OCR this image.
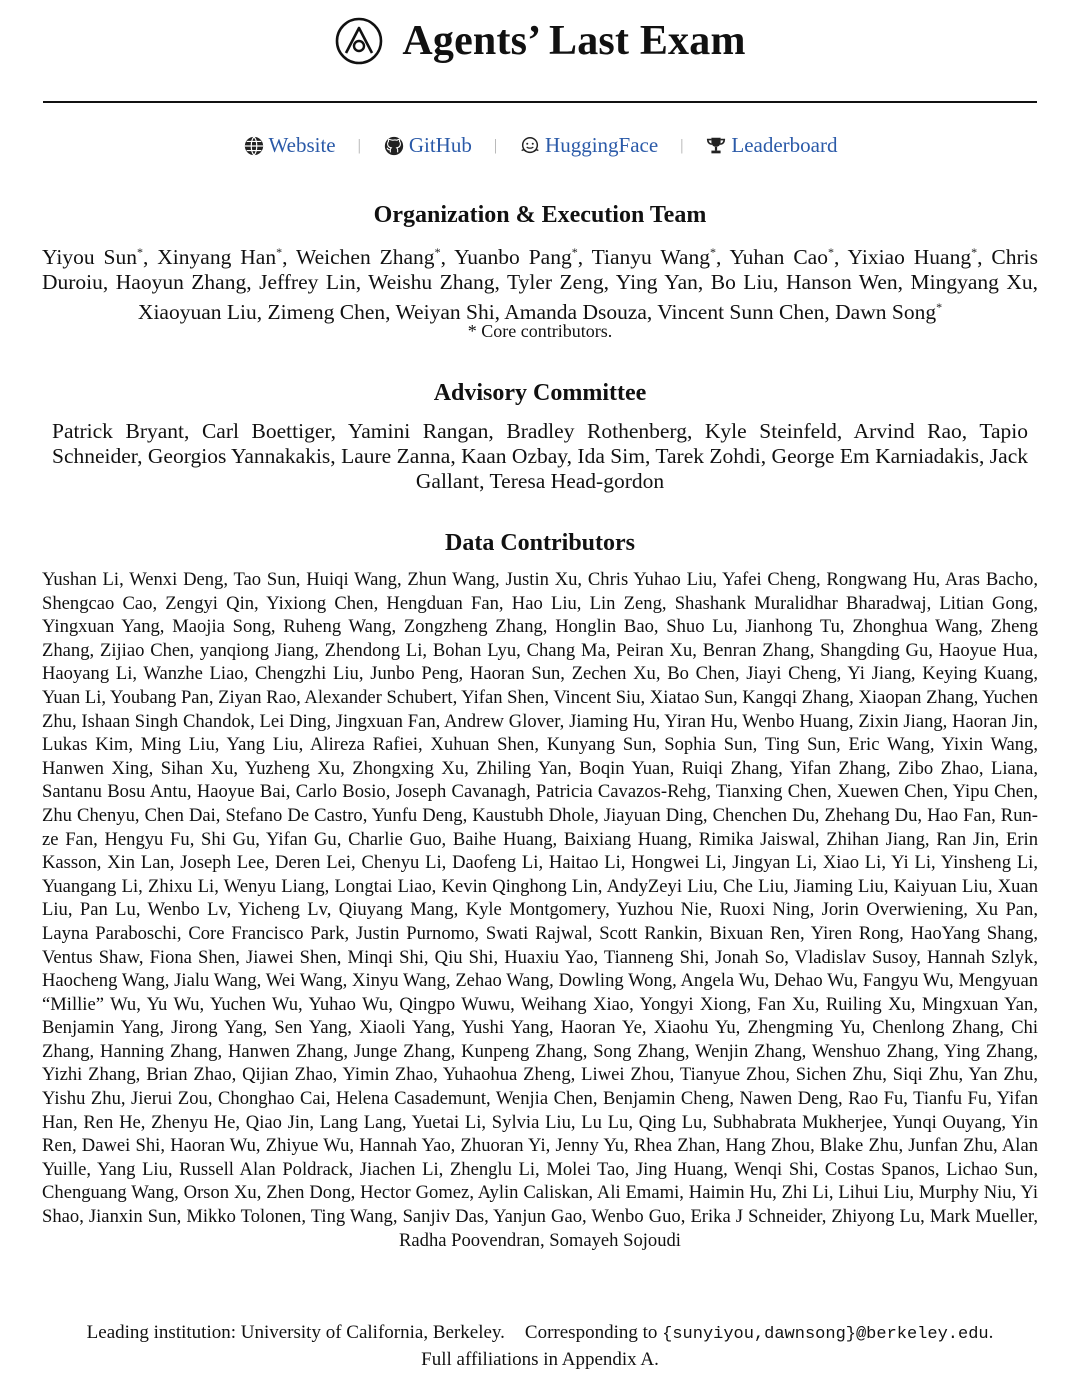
Agents’ Last Exam
Website | GitHub | HuggingFace | Leaderboard
Organization & Execution Team
Yiyou Sun*, Xinyang Han*, Weichen Zhang*, Yuanbo Pang*, Tianyu Wang*, Yuhan Cao*, Yixiao Huang*, Chris Duroiu, Haoyun Zhang, Jeffrey Lin, Weishu Zhang, Tyler Zeng, Ying Yan, Bo Liu, Hanson Wen, Mingyang Xu, Xiaoyuan Liu, Zimeng Chen, Weiyan Shi, Amanda Dsouza, Vincent Sunn Chen, Dawn Song*
* Core contributors.
Advisory Committee
Patrick Bryant, Carl Boettiger, Yamini Rangan, Bradley Rothenberg, Kyle Steinfeld, Arvind Rao, Tapio Schneider, Georgios Yannakakis, Laure Zanna, Kaan Ozbay, Ida Sim, Tarek Zohdi, George Em Karniadakis, Jack Gallant, Teresa Head-gordon
Data Contributors
Yushan Li, Wenxi Deng, Tao Sun, Huiqi Wang, Zhun Wang, Justin Xu, Chris Yuhao Liu, Yafei Cheng, Rongwang Hu, Aras Bacho, Shengcao Cao, Zengyi Qin, Yixiong Chen, Hengduan Fan, Hao Liu, Lin Zeng, Shashank Muralidhar Bharadwaj, Litian Gong, Yingxuan Yang, Maojia Song, Ruheng Wang, Zongzheng Zhang, Honglin Bao, Shuo Lu, Jianhong Tu, Zhonghua Wang, Zheng Zhang, Zijiao Chen, yanqiong Jiang, Zhendong Li, Bohan Lyu, Chang Ma, Peiran Xu, Benran Zhang, Shangding Gu, Haoyue Hua, Haoyang Li, Wanzhe Liao, Chengzhi Liu, Junbo Peng, Haoran Sun, Zechen Xu, Bo Chen, Jiayi Cheng, Yi Jiang, Keying Kuang, Yuan Li, Youbang Pan, Ziyan Rao, Alexander Schubert, Yifan Shen, Vincent Siu, Xiatao Sun, Kangqi Zhang, Xiaopan Zhang, Yuchen Zhu, Ishaan Singh Chandok, Lei Ding, Jingxuan Fan, Andrew Glover, Jiaming Hu, Yiran Hu, Wenbo Huang, Zixin Jiang, Haoran Jin, Lukas Kim, Ming Liu, Yang Liu, Alireza Rafiei, Xuhuan Shen, Kunyang Sun, Sophia Sun, Ting Sun, Eric Wang, Yixin Wang, Hanwen Xing, Sihan Xu, Yuzheng Xu, Zhongxing Xu, Zhiling Yan, Boqin Yuan, Ruiqi Zhang, Yifan Zhang, Zibo Zhao, Liana, Santanu Bosu Antu, Haoyue Bai, Carlo Bosio, Joseph Cavanagh, Patricia Cavazos-Rehg, Tianxing Chen, Xuewen Chen, Yipu Chen, Zhu Chenyu, Chen Dai, Stefano De Castro, Yunfu Deng, Kaustubh Dhole, Jiayuan Ding, Chenchen Du, Zhehang Du, Hao Fan, Run-ze Fan, Hengyu Fu, Shi Gu, Yifan Gu, Charlie Guo, Baihe Huang, Baixiang Huang, Rimika Jaiswal, Zhihan Jiang, Ran Jin, Erin Kasson, Xin Lan, Joseph Lee, Deren Lei, Chenyu Li, Daofeng Li, Haitao Li, Hongwei Li, Jingyan Li, Xiao Li, Yi Li, Yinsheng Li, Yuangang Li, Zhixu Li, Wenyu Liang, Longtai Liao, Kevin Qinghong Lin, AndyZeyi Liu, Che Liu, Jiaming Liu, Kaiyuan Liu, Xuan Liu, Pan Lu, Wenbo Lv, Yicheng Lv, Qiuyang Mang, Kyle Montgomery, Yuzhou Nie, Ruoxi Ning, Jorin Overwiening, Xu Pan, Layna Paraboschi, Core Francisco Park, Justin Purnomo, Swati Rajwal, Scott Rankin, Bixuan Ren, Yiren Rong, HaoYang Shang, Ventus Shaw, Fiona Shen, Jiawei Shen, Minqi Shi, Qiu Shi, Huaxiu Yao, Tianneng Shi, Jonah So, Vladislav Susoy, Hannah Szlyk, Haocheng Wang, Jialu Wang, Wei Wang, Xinyu Wang, Zehao Wang, Dowling Wong, Angela Wu, Dehao Wu, Fangyu Wu, Mengyuan “Millie” Wu, Yu Wu, Yuchen Wu, Yuhao Wu, Qingpo Wuwu, Weihang Xiao, Yongyi Xiong, Fan Xu, Ruiling Xu, Mingxuan Yan, Benjamin Yang, Jirong Yang, Sen Yang, Xiaoli Yang, Yushi Yang, Haoran Ye, Xiaohu Yu, Zhengming Yu, Chenlong Zhang, Chi Zhang, Hanning Zhang, Hanwen Zhang, Junge Zhang, Kunpeng Zhang, Song Zhang, Wenjin Zhang, Wenshuo Zhang, Ying Zhang, Yizhi Zhang, Brian Zhao, Qijian Zhao, Yimin Zhao, Yuhaohua Zheng, Liwei Zhou, Tianyue Zhou, Sichen Zhu, Siqi Zhu, Yan Zhu, Yishu Zhu, Jierui Zou, Chonghao Cai, Helena Casademunt, Wenjia Chen, Benjamin Cheng, Nawen Deng, Rao Fu, Tianfu Fu, Yifan Han, Ren He, Zhenyu He, Qiao Jin, Lang Lang, Yuetai Li, Sylvia Liu, Lu Lu, Qing Lu, Subhabrata Mukherjee, Yunqi Ouyang, Yin Ren, Dawei Shi, Haoran Wu, Zhiyue Wu, Hannah Yao, Zhuoran Yi, Jenny Yu, Rhea Zhan, Hang Zhou, Blake Zhu, Junfan Zhu, Alan Yuille, Yang Liu, Russell Alan Poldrack, Jiachen Li, Zhenglu Li, Molei Tao, Jing Huang, Wenqi Shi, Costas Spanos, Lichao Sun, Chenguang Wang, Orson Xu, Zhen Dong, Hector Gomez, Aylin Caliskan, Ali Emami, Haimin Hu, Zhi Li, Lihui Liu, Murphy Niu, Yi Shao, Jianxin Sun, Mikko Tolonen, Ting Wang, Sanjiv Das, Yanjun Gao, Wenbo Guo, Erika J Schneider, Zhiyong Lu, Mark Mueller, Radha Poovendran, Somayeh Sojoudi
Leading institution: University of California, Berkeley. Corresponding to {sunyiyou,dawnsong}@berkeley.edu.
Full affiliations in Appendix A.
